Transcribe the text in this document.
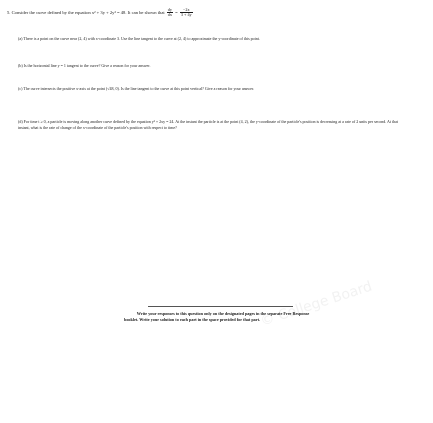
5. Consider the curve defined by the equation x² + 3y + 2y² = 48. It can be shown that $\frac{dy}{dx} = \frac{-2x}{3 + 4y}$
(a) There is a point on the curve near (2, 4) with x-coordinate 3. Use the line tangent to the curve at (2, 4) to approximate the y-coordinate of this point.
(b) Is the horizontal line y = 1 tangent to the curve? Give a reason for your answer.
(c) The curve intersects the positive x-axis at the point (√48, 0). Is the line tangent to the curve at this point vertical? Give a reason for your answer.
(d) For time t ≥ 0, a particle is moving along another curve defined by the equation y³ + 2xy = 24. At the instant the particle is at the point (4, 2), the y-coordinate of the particle's position is decreasing at a rate of 2 units per second. At that instant, what is the rate of change of the x-coordinate of the particle's position with respect to time?
© College Board
Write your responses to this question only on the designated pages in the separate Free Response
booklet. Write your solution to each part in the space provided for that part.
